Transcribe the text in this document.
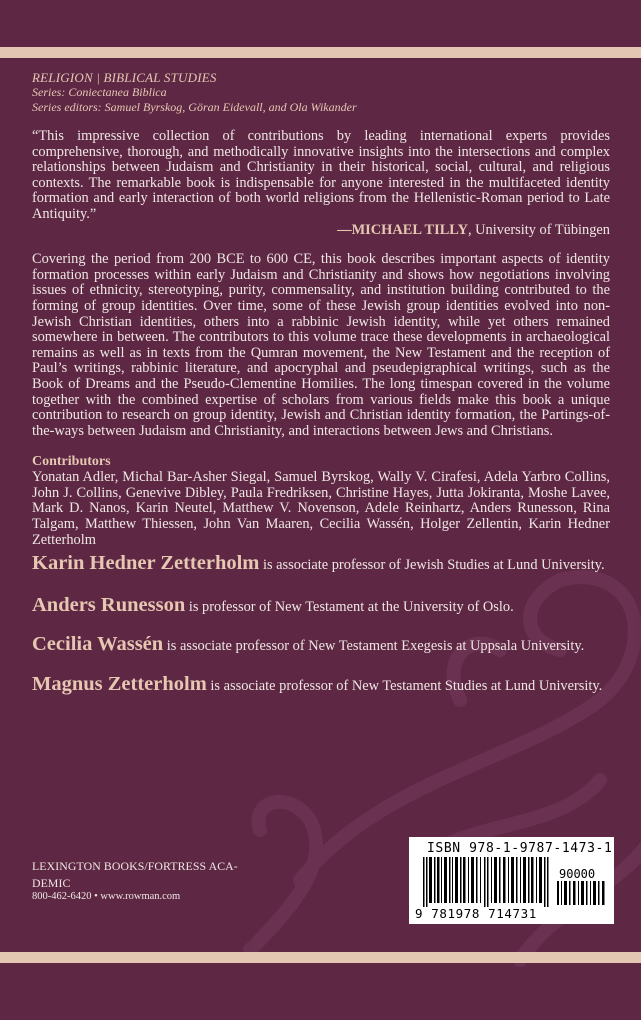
RELIGION | BIBLICAL STUDIES
Series: Coniectanea Biblica
Series editors: Samuel Byrskog, Göran Eidevall, and Ola Wikander
“This impressive collection of contributions by leading international experts provides comprehensive, thorough, and methodically innovative insights into the intersections and complex relationships between Judaism and Christianity in their historical, social, cultural, and religious contexts. The remarkable book is indispensable for anyone interested in the multifaceted identity formation and early interaction of both world religions from the Hellenistic-Roman period to Late Antiquity.”
—MICHAEL TILLY, University of Tübingen
Covering the period from 200 BCE to 600 CE, this book describes important aspects of identity formation processes within early Judaism and Christianity and shows how negotiations involving issues of ethnicity, stereotyping, purity, commensality, and institution building contributed to the forming of group identities. Over time, some of these Jewish group identities evolved into non-Jewish Christian identities, others into a rabbinic Jewish identity, while yet others remained somewhere in between. The contributors to this volume trace these developments in archaeological remains as well as in texts from the Qumran movement, the New Testament and the reception of Paul’s writings, rabbinic literature, and apocryphal and pseudepigraphical writings, such as the Book of Dreams and the Pseudo-Clementine Homilies. The long timespan covered in the volume together with the combined expertise of scholars from various fields make this book a unique contribution to research on group identity, Jewish and Christian identity formation, the Partings-of-the-ways between Judaism and Christianity, and interactions between Jews and Christians.
Contributors
Yonatan Adler, Michal Bar-Asher Siegal, Samuel Byrskog, Wally V. Cirafesi, Adela Yarbro Collins, John J. Collins, Genevive Dibley, Paula Fredriksen, Christine Hayes, Jutta Jokiranta, Moshe Lavee, Mark D. Nanos, Karin Neutel, Matthew V. Novenson, Adele Reinhartz, Anders Runesson, Rina Talgam, Matthew Thiessen, John Van Maaren, Cecilia Wassén, Holger Zellentin, Karin Hedner Zetterholm
Karin Hedner Zetterholm is associate professor of Jewish Studies at Lund University.
Anders Runesson is professor of New Testament at the University of Oslo.
Cecilia Wassén is associate professor of New Testament Exegesis at Uppsala University.
Magnus Zetterholm is associate professor of New Testament Studies at Lund University.
LEXINGTON BOOKS/FORTRESS ACA-DEMIC
800-462-6420 • www.rowman.com
ISBN 978-1-9787-1473-1
90000
9 781978 714731
